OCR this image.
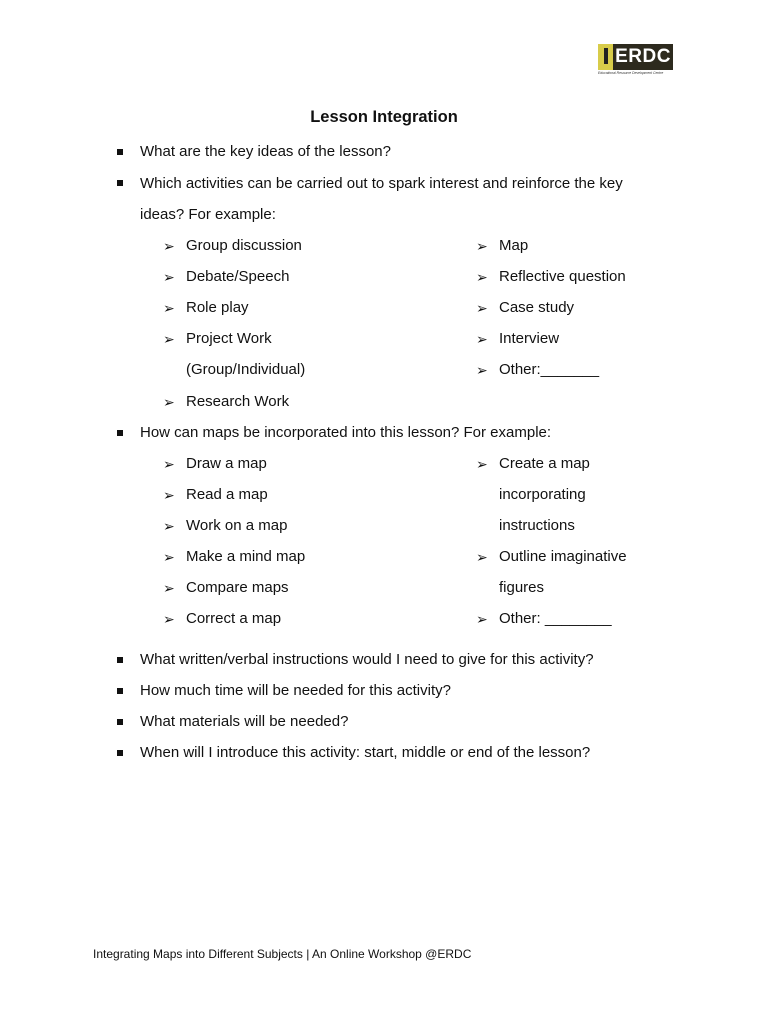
ERDC
Educational Resource Development Centre
Lesson Integration
What are the key ideas of the lesson?
Which activities can be carried out to spark interest and reinforce the key
ideas? For example:
➢ Group discussion
➢ Debate/Speech
➢ Role play
➢ Project Work
(Group/Individual)
➢ Research Work
➢ Map
➢ Reflective question
➢ Case study
➢ Interview
➢ Other:_______
How can maps be incorporated into this lesson? For example:
➢ Draw a map
➢ Read a map
➢ Work on a map
➢ Make a mind map
➢ Compare maps
➢ Correct a map
➢ Create a map
incorporating
instructions
➢ Outline imaginative
figures
➢ Other: ________
What written/verbal instructions would I need to give for this activity?
How much time will be needed for this activity?
What materials will be needed?
When will I introduce this activity: start, middle or end of the lesson?
Integrating Maps into Different Subjects | An Online Workshop @ERDC
